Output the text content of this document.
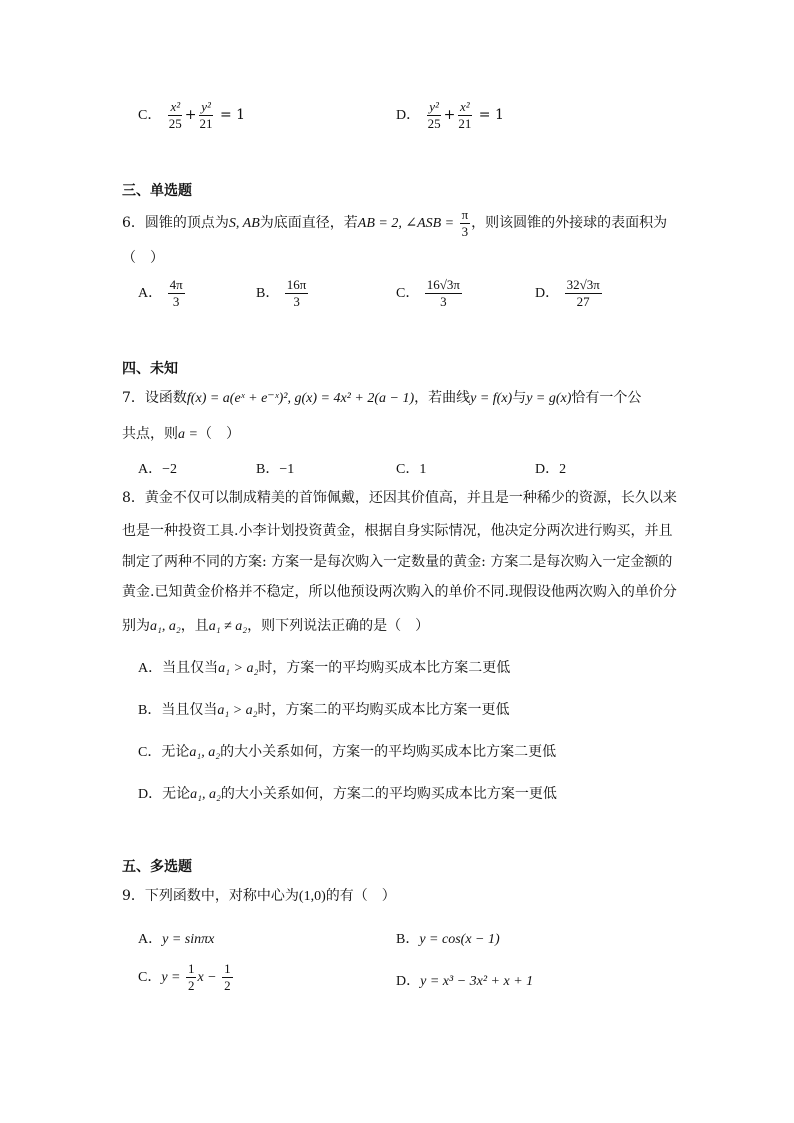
C． $\frac{\text{x²}}{25} + \frac{\text{y²}}{21} = 1$	D． $\frac{\text{y²}}{25} + \frac{\text{x²}}{21} = 1$
三、单选题
6．圆锥的顶点为S, AB为底面直径，若AB = 2, ∠ASB = $\frac{\pi}{3}$ ，则该圆锥的外接球的表面积为
（　）
A． $\frac{4\pi}{3}$	B． $\frac{16\pi}{3}$	C． $\frac{16√3\pi}{3}$	D． $\frac{32√3\pi}{27}$
四、未知
7．设函数f(x) = a(eˣ + e⁻ˣ)², g(x) = 4x² + 2(a − 1)，若曲线y = f(x)与y = g(x)恰有一个公
共点，则a =（　）
A．−2	B．−1	C．1	D．2
8．黄金不仅可以制成精美的首饰佩戴，还因其价值高，并且是一种稀少的资源，长久以来
也是一种投资工具.小李计划投资黄金，根据自身实际情况，他决定分两次进行购买，并且
制定了两种不同的方案: 方案一是每次购入一定数量的黄金: 方案二是每次购入一定金额的
黄金.已知黄金价格并不稳定，所以他预设两次购入的单价不同.现假设他两次购入的单价分
别为a₁, a₂，且a₁ ≠ a₂，则下列说法正确的是（　）
A．当且仅当a₁ > a₂时，方案一的平均购买成本比方案二更低
B．当且仅当a₁ > a₂时，方案二的平均购买成本比方案一更低
C．无论a₁, a₂的大小关系如何，方案一的平均购买成本比方案二更低
D．无论a₁, a₂的大小关系如何，方案二的平均购买成本比方案一更低
五、多选题
9．下列函数中，对称中心为(1,0)的有（　）
A．y = sinπx	B．y = cos(x − 1)
C．$y = \frac{1}{2}$ $x - \frac{1}{2}$	D．y = x³ − 3x² + x + 1
